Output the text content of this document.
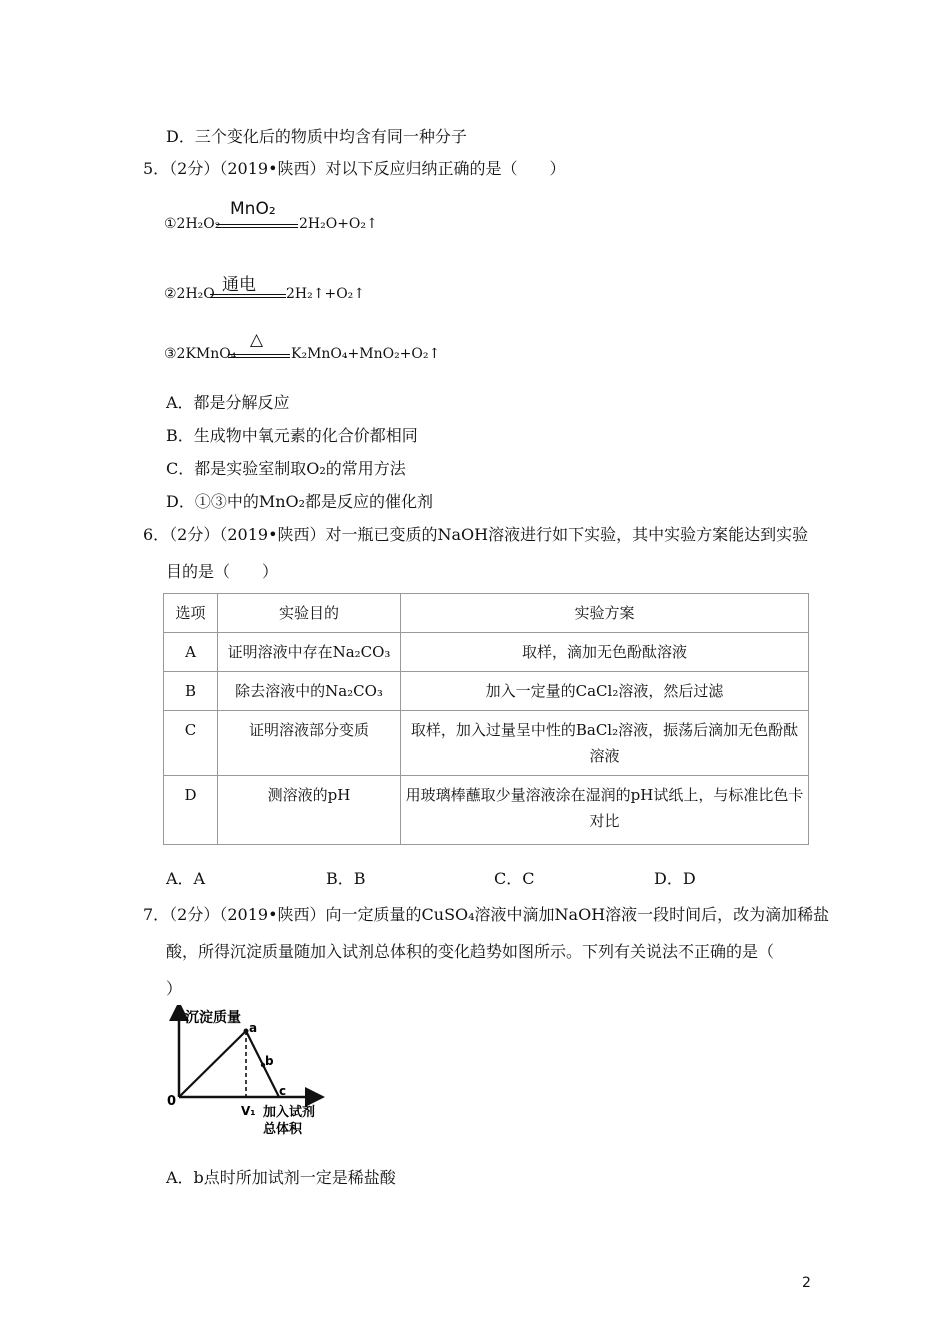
D．三个变化后的物质中均含有同一种分子
5．（2分）（2019•陕西）对以下反应归纳正确的是（　　）
①2H₂O₂
MnO₂
2H₂O+O₂↑
②2H₂O 通电 2H₂↑+O₂↑
③2KMnO₄
△
K₂MnO₄+MnO₂+O₂↑
A．都是分解反应
B．生成物中氧元素的化合价都相同
C．都是实验室制取O₂的常用方法
D．①③中的MnO₂都是反应的催化剂
6．（2分）（2019•陕西）对一瓶已变质的NaOH溶液进行如下实验，其中实验方案能达到实验
目的是（　　）
选项	实验目的	实验方案
A	证明溶液中存在Na₂CO₃	取样，滴加无色酚酞溶液
B	除去溶液中的Na₂CO₃	加入一定量的CaCl₂溶液，然后过滤
C	证明溶液部分变质	取样，加入过量呈中性的BaCl₂溶液，振荡后滴加无色酚酞溶液
D	测溶液的pH	用玻璃棒蘸取少量溶液涂在湿润的pH试纸上，与标准比色卡对比
A．A	B．B	C．C	D．D
7．（2分）（2019•陕西）向一定质量的CuSO₄溶液中滴加NaOH溶液一段时间后，改为滴加稀盐
酸，所得沉淀质量随加入试剂总体积的变化趋势如图所示。下列有关说法不正确的是（
）
沉淀质量
a
b
c
0
V₁ 加入试剂
总体积
A．b点时所加试剂一定是稀盐酸
2
